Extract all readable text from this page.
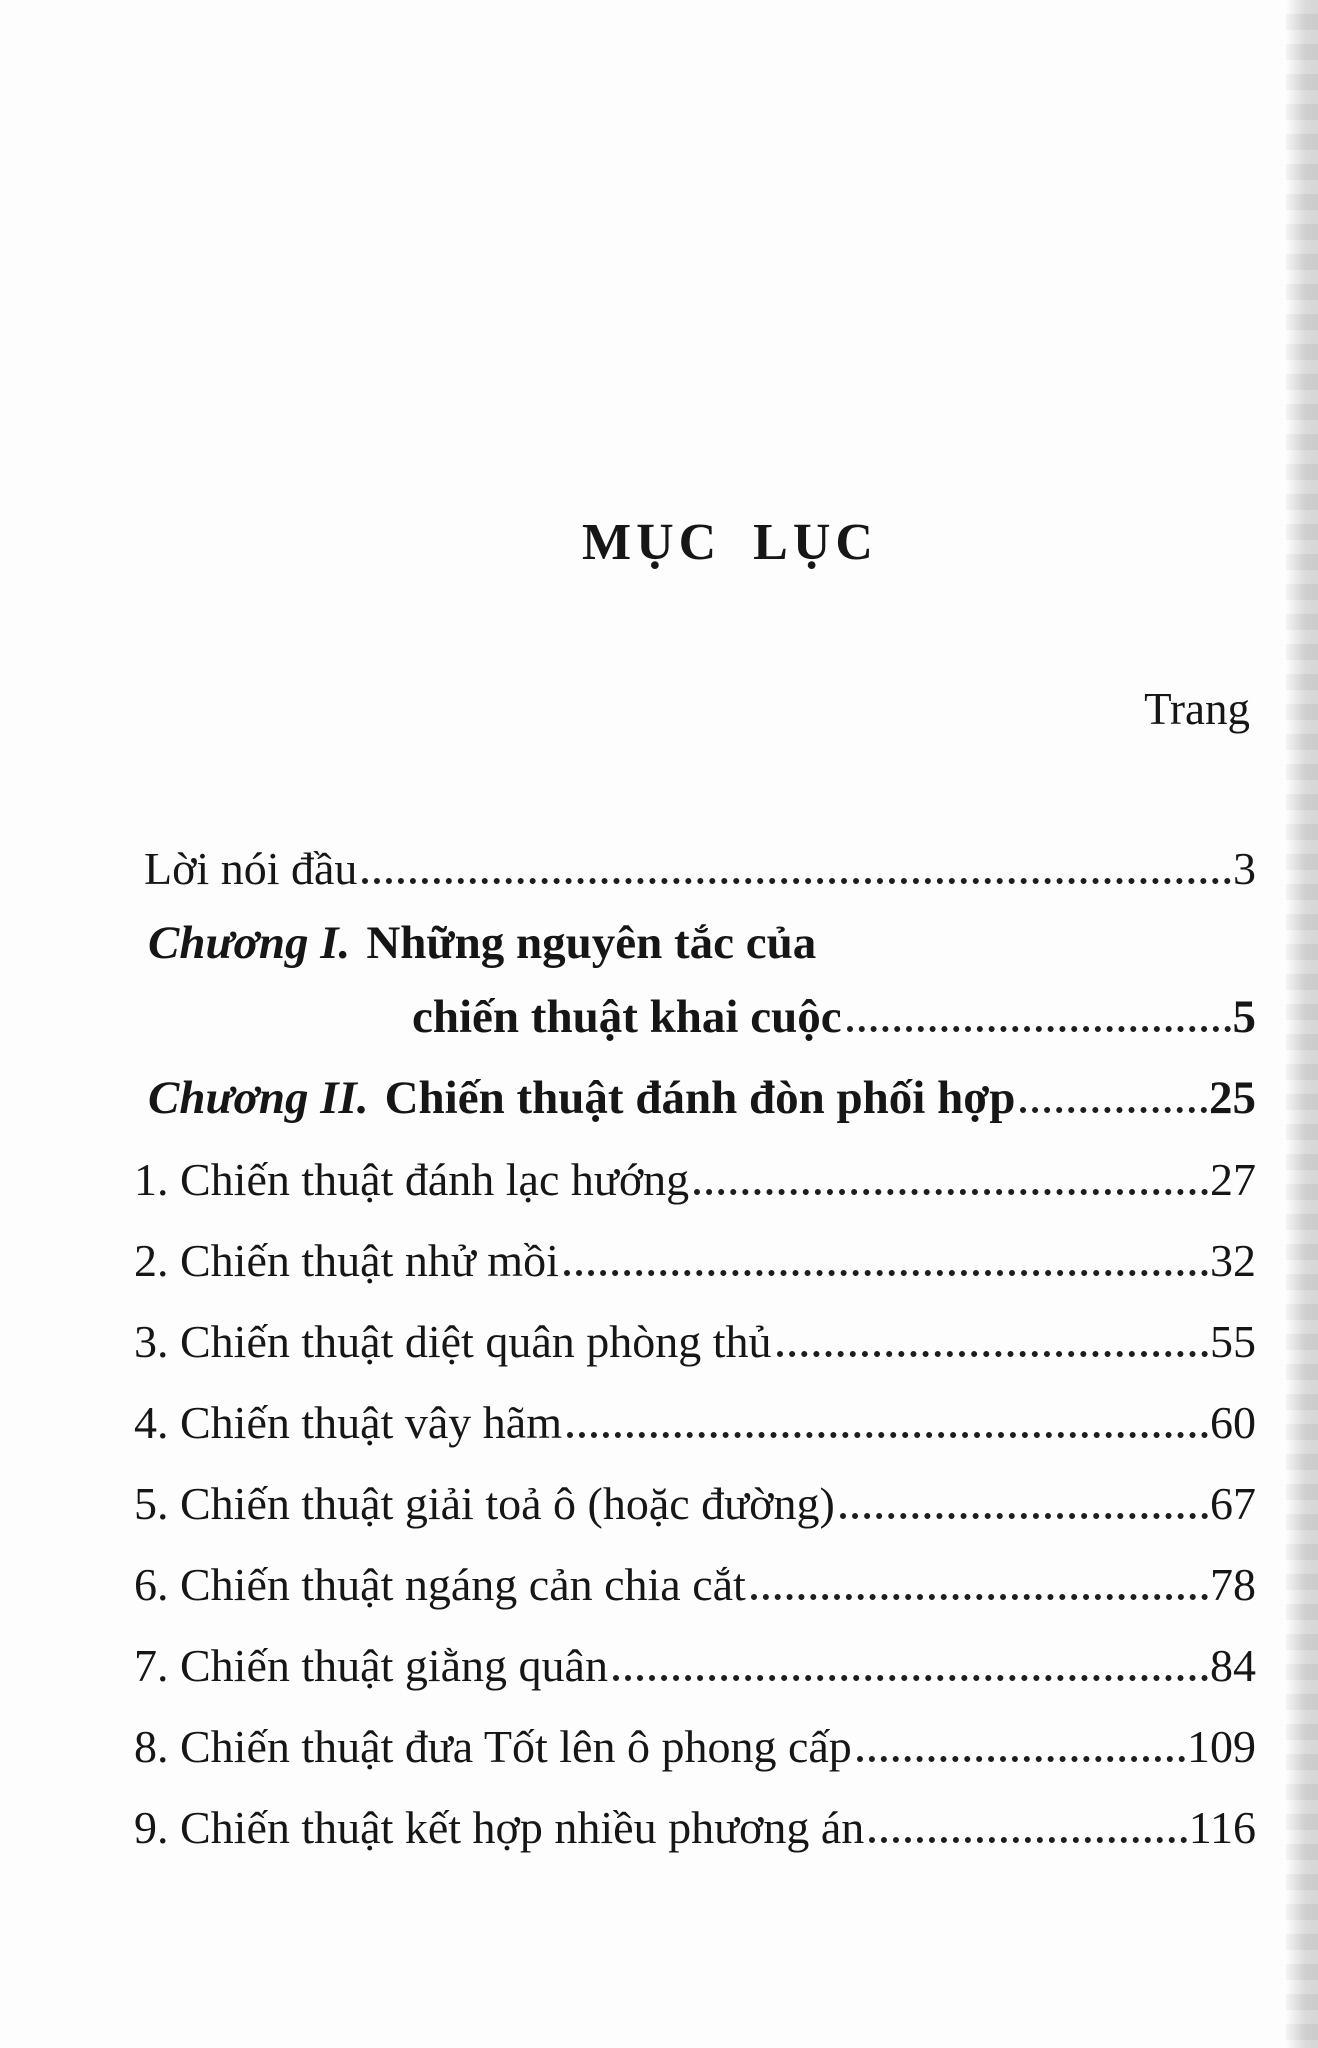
MỤC LỤC
Trang
Lời nói đầu	3
Chương I. Những nguyên tắc của
chiến thuật khai cuộc	5
Chương II. Chiến thuật đánh đòn phối hợp	25
1. Chiến thuật đánh lạc hướng	27
2. Chiến thuật nhử mồi	32
3. Chiến thuật diệt quân phòng thủ	55
4. Chiến thuật vây hãm	60
5. Chiến thuật giải toả ô (hoặc đường)	67
6. Chiến thuật ngáng cản chia cắt	78
7. Chiến thuật giằng quân	84
8. Chiến thuật đưa Tốt lên ô phong cấp	109
9. Chiến thuật kết hợp nhiều phương án	116
